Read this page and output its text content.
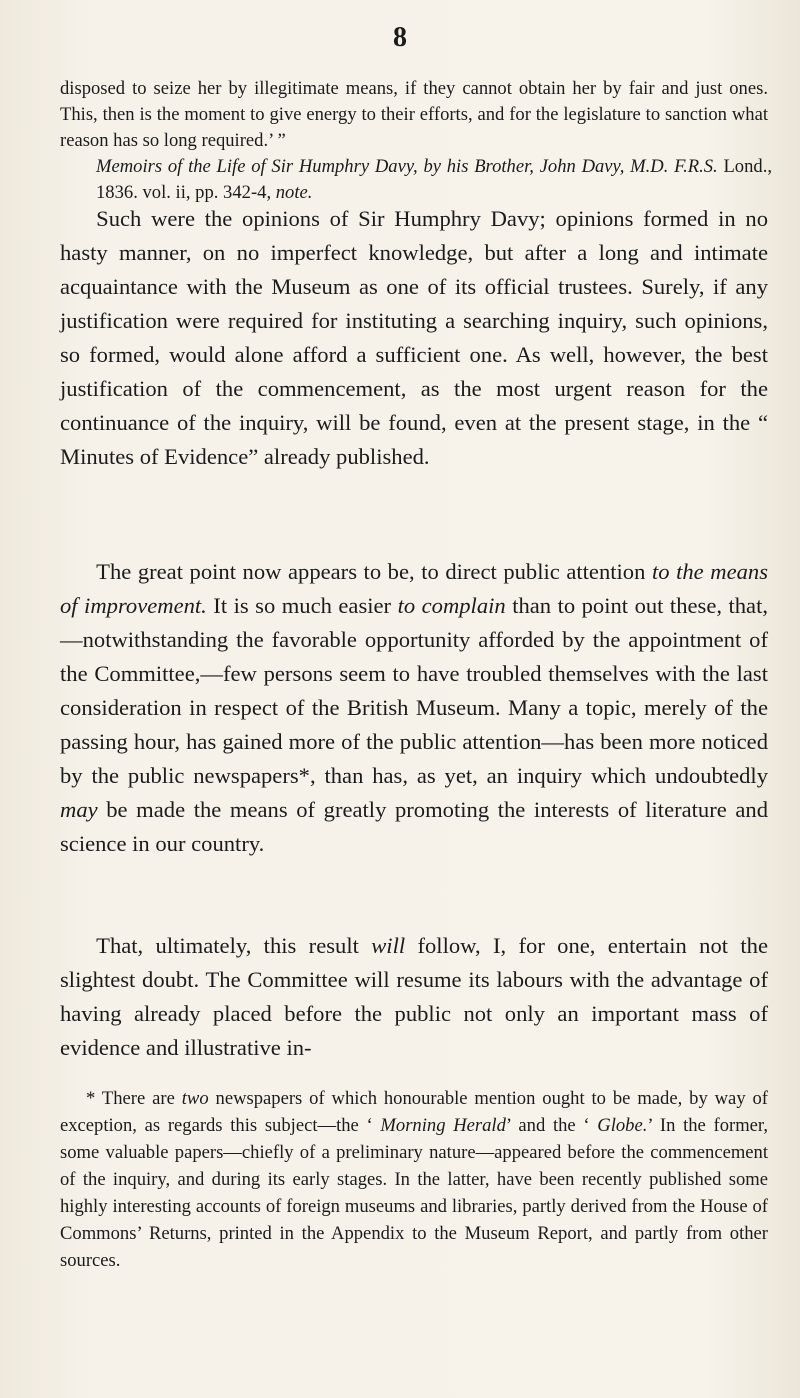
8
disposed to seize her by illegitimate means, if they cannot obtain her by fair and just ones. This, then is the moment to give energy to their efforts, and for the legislature to sanction what reason has so long required.’ ”
Memoirs of the Life of Sir Humphry Davy, by his Brother, John Davy, M.D. F.R.S. Lond., 1836. vol. ii, pp. 342-4, note.
Such were the opinions of Sir Humphry Davy; opinions formed in no hasty manner, on no imperfect knowledge, but after a long and intimate acquaintance with the Museum as one of its official trustees. Surely, if any justification were required for instituting a searching inquiry, such opinions, so formed, would alone afford a sufficient one. As well, however, the best justification of the commencement, as the most urgent reason for the continuance of the inquiry, will be found, even at the present stage, in the “ Minutes of Evidence” already published.
The great point now appears to be, to direct public attention to the means of improvement. It is so much easier to complain than to point out these, that,—notwithstanding the favorable opportunity afforded by the appointment of the Committee,—few persons seem to have troubled themselves with the last consideration in respect of the British Museum. Many a topic, merely of the passing hour, has gained more of the public attention—has been more noticed by the public newspapers*, than has, as yet, an inquiry which undoubtedly may be made the means of greatly promoting the interests of literature and science in our country.
That, ultimately, this result will follow, I, for one, entertain not the slightest doubt. The Committee will resume its labours with the advantage of having already placed before the public not only an important mass of evidence and illustrative in-
* There are two newspapers of which honourable mention ought to be made, by way of exception, as regards this subject—the ‘ Morning Herald’ and the ‘ Globe.’ In the former, some valuable papers—chiefly of a preliminary nature—appeared before the commencement of the inquiry, and during its early stages. In the latter, have been recently published some highly interesting accounts of foreign museums and libraries, partly derived from the House of Commons’ Returns, printed in the Appendix to the Museum Report, and partly from other sources.
